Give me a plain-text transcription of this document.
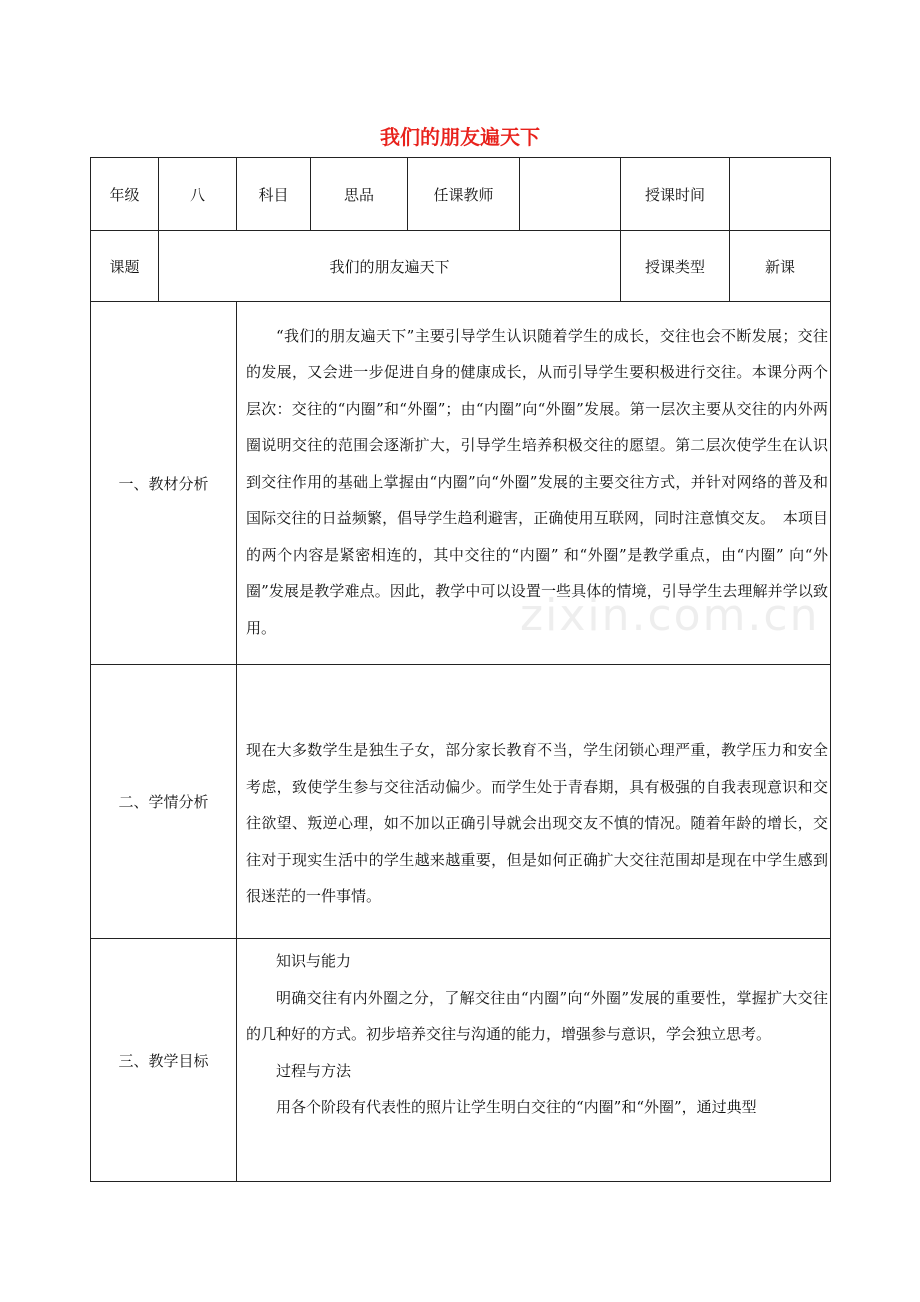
我们的朋友遍天下
年级	八	科目	思品	任课教师		授课时间	
课题	我们的朋友遍天下					授课类型	新课
一、教材分析		“我们的朋友遍天下”主要引导学生认识随着学生的成长，交往也会不断发展；交往的发展，又会进一步促进自身的健康成长，从而引导学生要积极进行交往。本课分两个层次：交往的“内圈”和“外圈”；由“内圈”向“外圈”发展。第一层次主要从交往的内外两圈说明交往的范围会逐渐扩大，引导学生培养积极交往的愿望。第二层次使学生在认识到交往作用的基础上掌握由“内圈”向“外圈”发展的主要交往方式，并针对网络的普及和国际交往的日益频繁，倡导学生趋利避害，正确使用互联网，同时注意慎交友。　本项目的两个内容是紧密相连的，其中交往的“内圈” 和“外圈”是教学重点，由“内圈” 向“外圈”发展是教学难点。因此，教学中可以设置一些具体的情境，引导学生去理解并学以致用。					
二、学情分析		现在大多数学生是独生子女，部分家长教育不当，学生闭锁心理严重，教学压力和安全考虑，致使学生参与交往活动偏少。而学生处于青春期，具有极强的自我表现意识和交往欲望、叛逆心理，如不加以正确引导就会出现交友不慎的情况。随着年龄的增长，交往对于现实生活中的学生越来越重要，但是如何正确扩大交往范围却是现在中学生感到很迷茫的一件事情。					
三、教学目标		知识与能力

明确交往有内外圈之分，了解交往由“内圈”向“外圈”发展的重要性，掌握扩大交往的几种好的方式。初步培养交往与沟通的能力，增强参与意识，学会独立思考。

过程与方法

用各个阶段有代表性的照片让学生明白交往的“内圈”和“外圈”，通过典型					

zixin.com.cn
